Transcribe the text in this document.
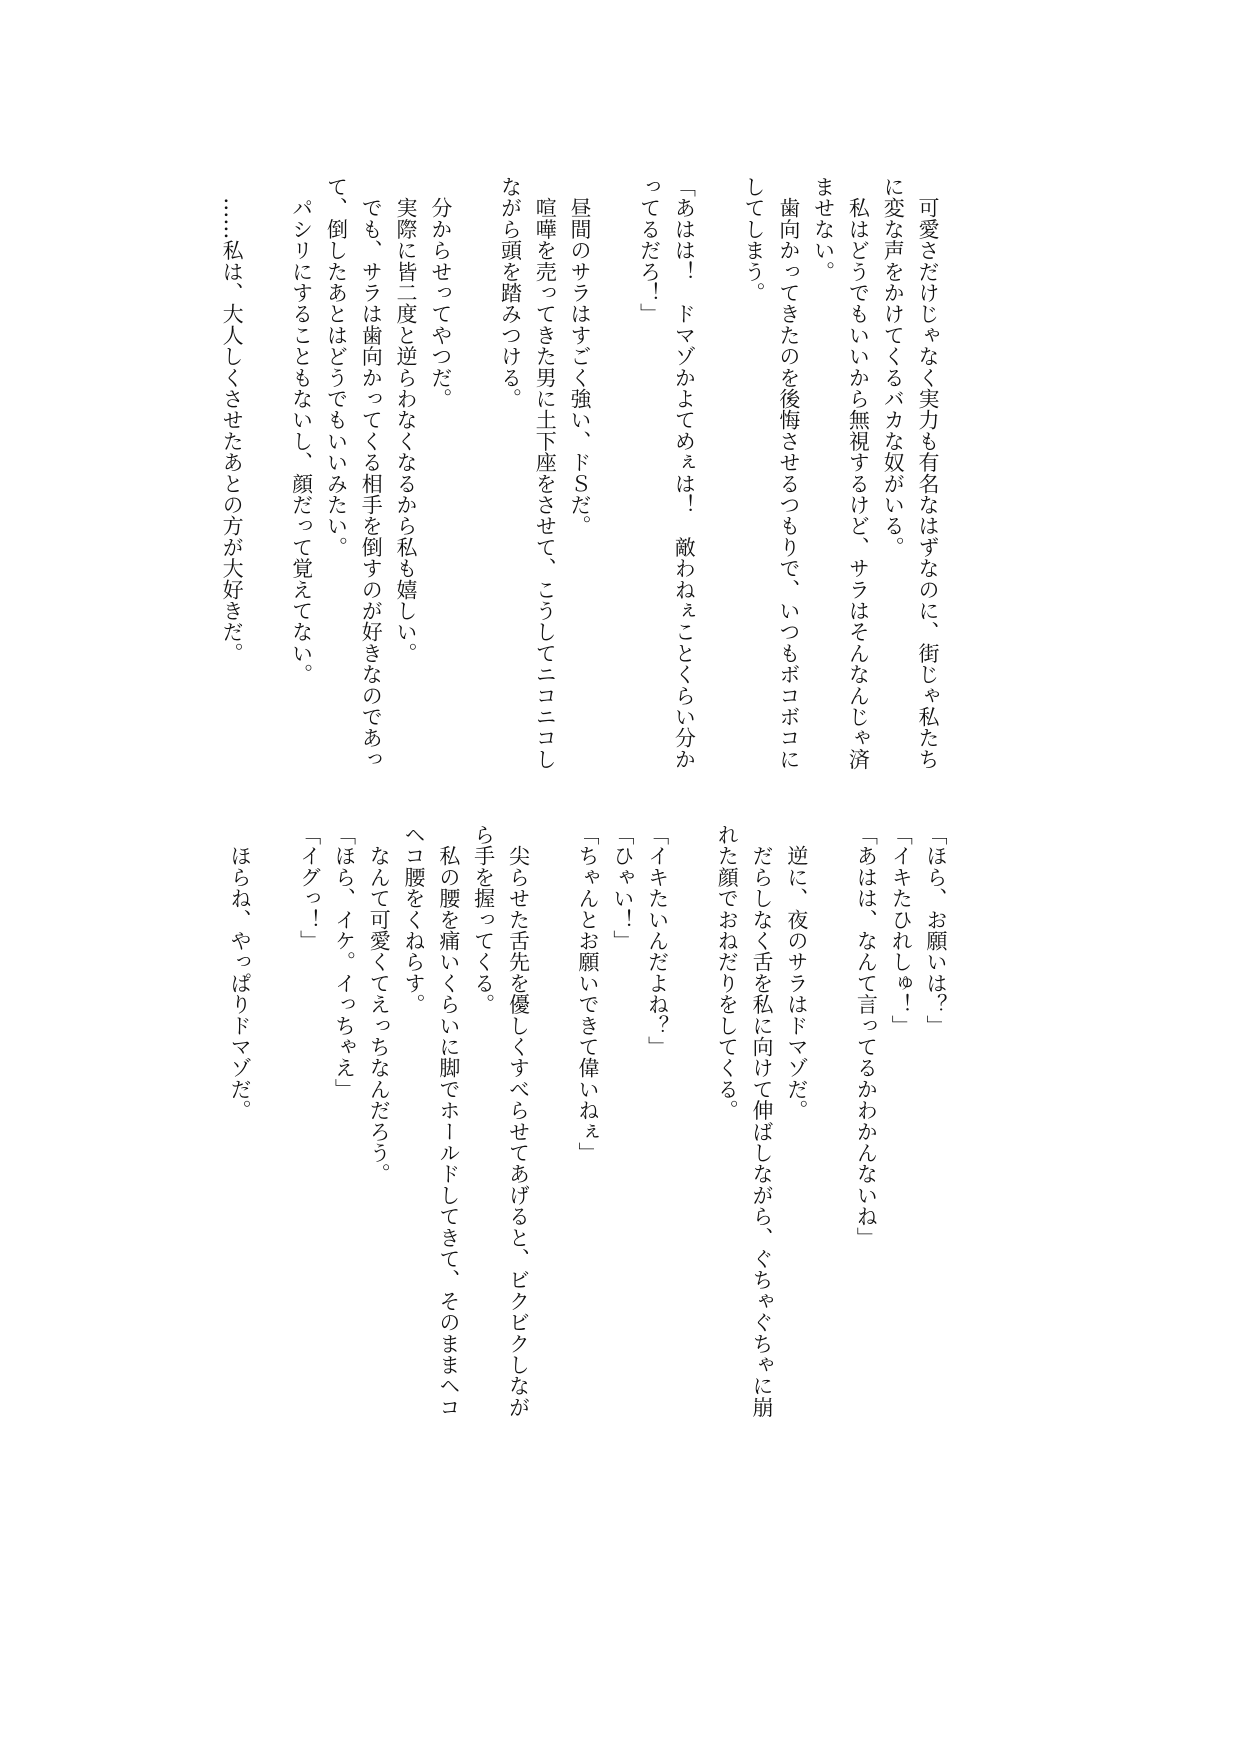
　可愛さだけじゃなく実力も有名なはずなのに、街じゃ私たち
に変な声をかけてくるバカな奴がいる。
　私はどうでもいいから無視するけど、サラはそんなんじゃ済
ませない。
　歯向かってきたのを後悔させるつもりで、いつもボコボコに
してしまう。
「あはは！　ドマゾかよてめぇは！　敵わねぇことくらい分か
ってるだろ！」
　昼間のサラはすごく強い、ドＳだ。
　喧嘩を売ってきた男に土下座をさせて、こうしてニコニコし
ながら頭を踏みつける。
　分からせってやつだ。
　実際に皆二度と逆らわなくなるから私も嬉しい。
　でも、サラは歯向かってくる相手を倒すのが好きなのであっ
て、倒したあとはどうでもいいみたい。
　パシリにすることもないし、顔だって覚えてない。
　……私は、大人しくさせたあとの方が大好きだ。
「ほら、お願いは？」
「イキたひれしゅ！」
「あはは、なんて言ってるかわかんないね」
　逆に、夜のサラはドマゾだ。
　だらしなく舌を私に向けて伸ばしながら、ぐちゃぐちゃに崩
れた顔でおねだりをしてくる。
「イキたいんだよね？」
「ひゃい！」
「ちゃんとお願いできて偉いねぇ」
　尖らせた舌先を優しくすべらせてあげると、ビクビクしなが
ら手を握ってくる。
　私の腰を痛いくらいに脚でホールドしてきて、そのままヘコ
ヘコ腰をくねらす。
　なんて可愛くてえっちなんだろう。
「ほら、イケ。イっちゃえ」
「イグっ！」
　ほらね、やっぱりドマゾだ。
